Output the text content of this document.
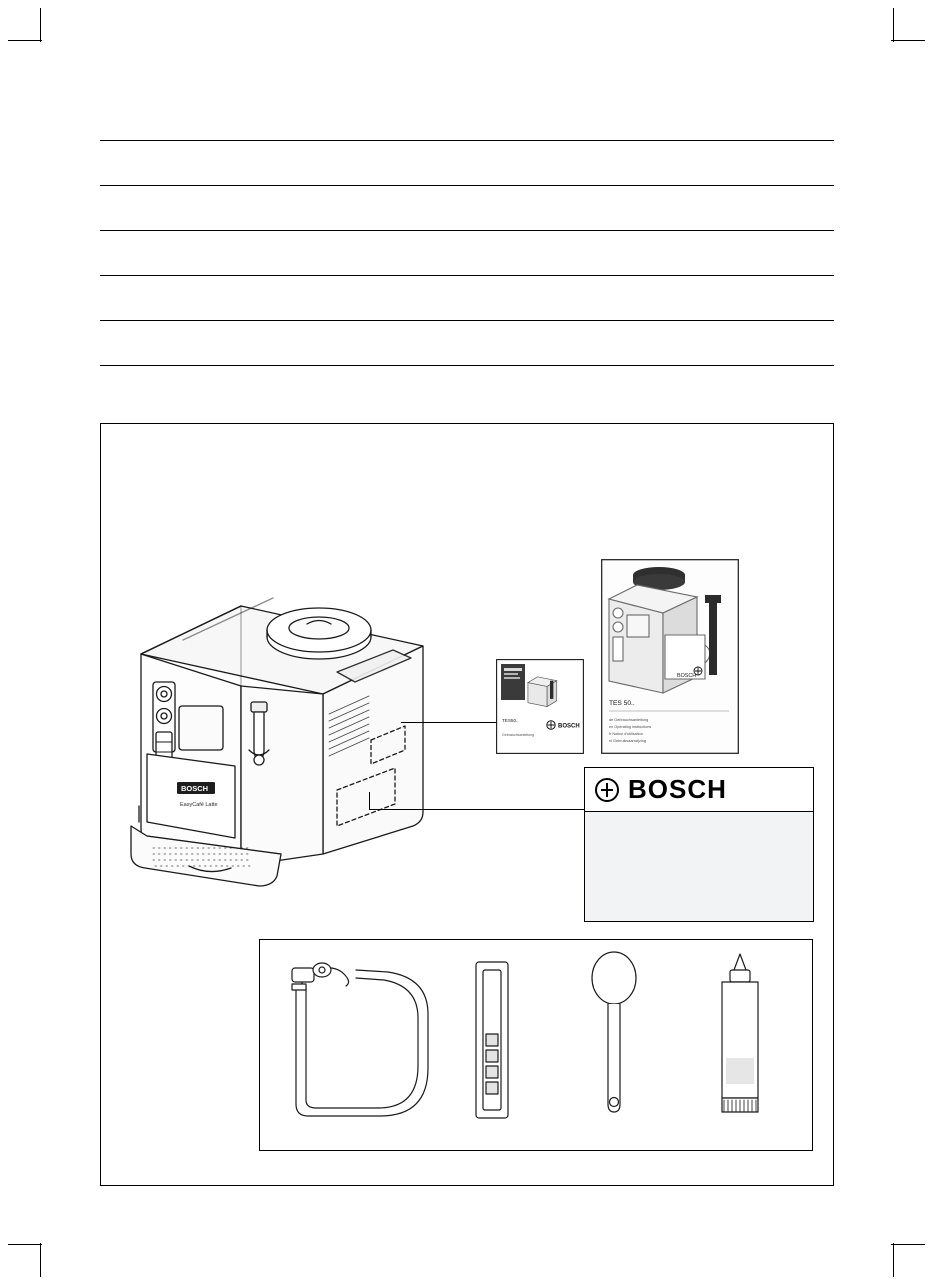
BOSCH
EasyCafé Latte
TES50..
BOSCH
Gebrauchsanleitung
BOSCH
TES 50..
de Gebrauchsanleitung
en Operating instructions
fr Notice d'utilisation
nl Gebruiksaanwijzing
BOSCH
